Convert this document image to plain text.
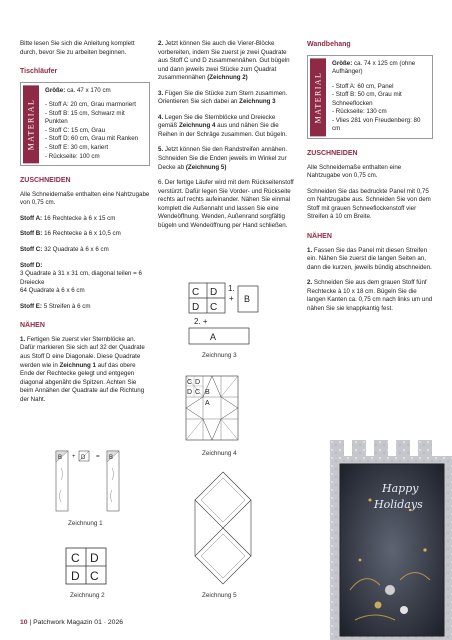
Bitte lesen Sie sich die Anleitung komplett durch, bevor Sie zu arbeiten beginnen.

Tischläufer
MATERIAL
Größe: ca. 47 x 170 cm
- Stoff A: 20 cm, Grau marmoriert
- Stoff B: 15 cm, Schwarz mit Punkten
- Stoff C: 15 cm, Grau
- Stoff D: 60 cm, Grau mit Ranken
- Stoff E: 30 cm, kariert
- Rückseite: 100 cm
ZUSCHNEIDEN

Alle Schneidemaße enthalten eine Nahtzugabe von 0,75 cm.

Stoff A: 16 Rechtecke à 6 x 15 cm

Stoff B: 16 Rechtecke à 6 x 10,5 cm

Stoff C: 32 Quadrate à 6 x 6 cm

Stoff D:
3 Quadrate à 31 x 31 cm, diagonal teilen = 6 Dreiecke
64 Quadrate à 6 x 6 cm

Stoff E: 5 Streifen à 6 cm

NÄHEN

1. Fertigen Sie zuerst vier Sternblöcke an. Dafür markieren Sie sich auf 32 der Quadrate aus Stoff D eine Diagonale. Diese Quadrate werden wie in Zeichnung 1 auf das obere Ende der Rechtecke gelegt und entgegen diagonal abgenäht die Spitzen. Achten Sie beim Annähen der Quadrate auf die Richtung der Naht.

2. Jetzt können Sie auch die Vierer-Blöcke vorbereiten, indem Sie zuerst je zwei Quadrate aus Stoff C und D zusammennähen. Gut bügeln und dann jeweils zwei Stücke zum Quadrat zusammennähen (Zeichnung 2)

3. Fügen Sie die Stücke zum Stern zusammen. Orientieren Sie sich dabei an Zeichnung 3

4. Legen Sie die Sternblöcke und Dreiecke gemäß Zeichnung 4 aus und nähen Sie die Reihen in der Schräge zusammen. Gut bügeln.

5. Jetzt können Sie den Randstreifen annähen. Schneiden Sie die Enden jeweils im Winkel zur Decke ab (Zeichnung 5)

6. Der fertige Läufer wird mit dem Rückseitenstoff verstürzt. Dafür legen Sie Vorder- und Rückseite rechts auf rechts aufeinander. Nähen Sie einmal komplett die Außennaht und lassen Sie eine Wendeöffnung. Wenden, Außenrand sorgfältig bügeln und Wendeöffnung per Hand schließen.

Wandbehang
MATERIAL
Größe: ca. 74 x 125 cm (ohne Aufhänger)
- Stoff A: 60 cm, Panel
- Stoff B: 50 cm, Grau mit Schneeflocken
- Rückseite: 130 cm
- Vlies 281 von Freudenberg: 80 cm
ZUSCHNEIDEN

Alle Schneidemaße enthalten eine Nahtzugabe von 0,75 cm.

Schneiden Sie das bedruckte Panel mit 0,75 cm Nahtzugabe aus. Schneiden Sie von dem Stoff mit grauen Schneeflockenstoff vier Streifen à 10 cm Breite.

NÄHEN

1. Fassen Sie das Panel mit diesen Streifen ein. Nähen Sie zuerst die langen Seiten an, dann die kurzen, jeweils bündig abschneiden.

2. Schneiden Sie aus dem grauen Stoff fünf Rechtecke à 10 x 18 cm. Bügeln Sie die langen Kanten ca. 0,75 cm nach links um und nähen Sie sie knappkantig fest.

B + D = B
Zeichnung 1
C D
D C
Zeichnung 2
C D
D C
1.
+ B
2. +
A
Zeichnung 3
C D
D C B
A
Zeichnung 4
Zeichnung 5
Happy
Holidays
10 | Patchwork Magazin 01 · 2026
